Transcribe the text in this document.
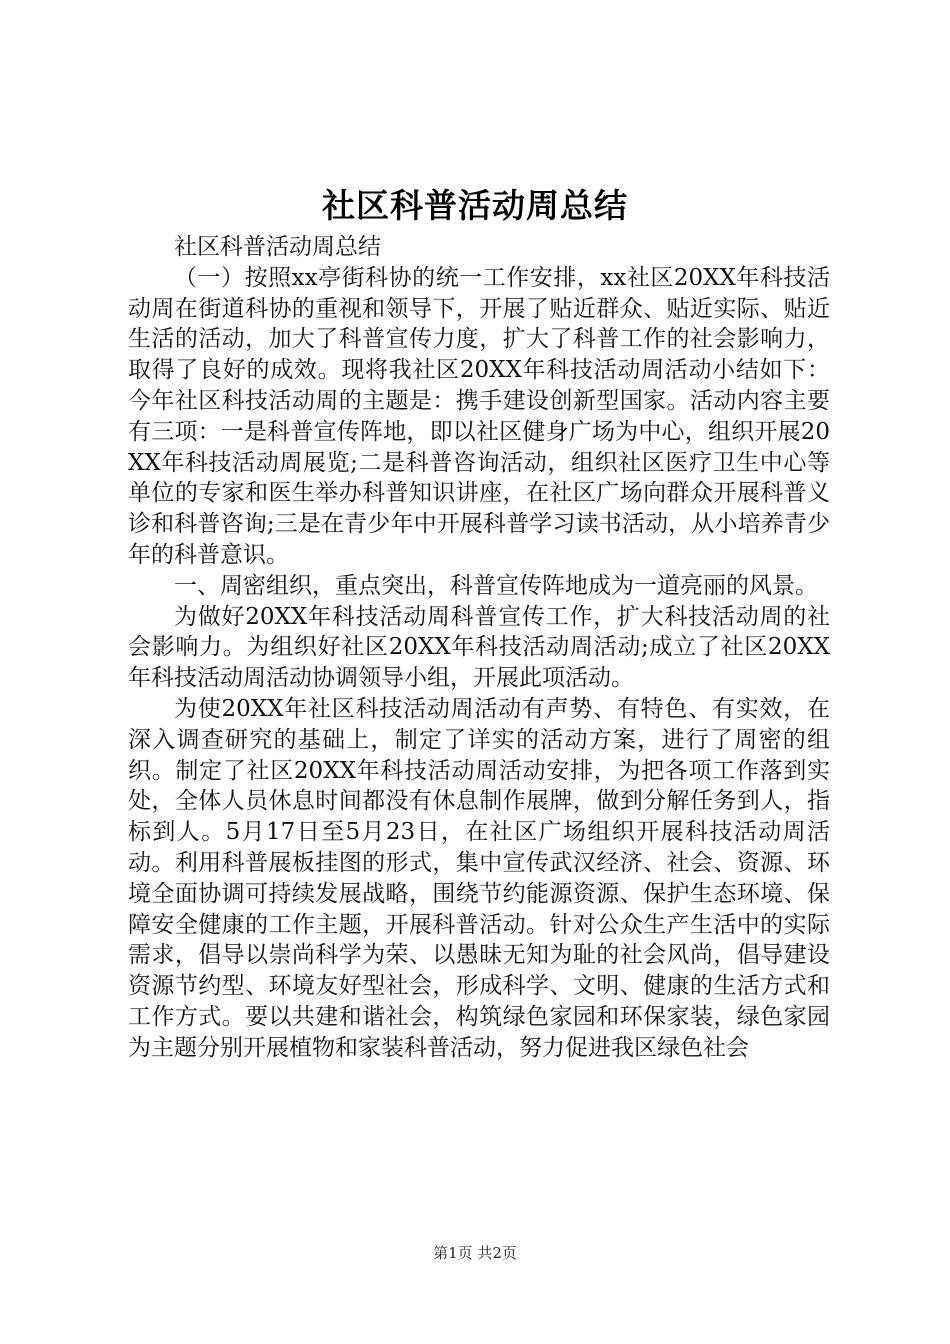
社区科普活动周总结

社区科普活动周总结

（一）按照xx亭街科协的统一工作安排，xx社区20XX年科技活动周在街道科协的重视和领导下，开展了贴近群众、贴近实际、贴近生活的活动，加大了科普宣传力度，扩大了科普工作的社会影响力，取得了良好的成效。现将我社区20XX年科技活动周活动小结如下：今年社区科技活动周的主题是：携手建设创新型国家。活动内容主要有三项：一是科普宣传阵地，即以社区健身广场为中心，组织开展20XX年科技活动周展览;二是科普咨询活动，组织社区医疗卫生中心等单位的专家和医生举办科普知识讲座，在社区广场向群众开展科普义诊和科普咨询;三是在青少年中开展科普学习读书活动，从小培养青少年的科普意识。

一、周密组织，重点突出，科普宣传阵地成为一道亮丽的风景。

为做好20XX年科技活动周科普宣传工作，扩大科技活动周的社会影响力。为组织好社区20XX年科技活动周活动;成立了社区20XX年科技活动周活动协调领导小组，开展此项活动。

为使20XX年社区科技活动周活动有声势、有特色、有实效，在深入调查研究的基础上，制定了详实的活动方案，进行了周密的组织。制定了社区20XX年科技活动周活动安排，为把各项工作落到实处，全体人员休息时间都没有休息制作展牌，做到分解任务到人，指标到人。5月17日至5月23日，在社区广场组织开展科技活动周活动。利用科普展板挂图的形式，集中宣传武汉经济、社会、资源、环境全面协调可持续发展战略，围绕节约能源资源、保护生态环境、保障安全健康的工作主题，开展科普活动。针对公众生产生活中的实际需求，倡导以崇尚科学为荣、以愚昧无知为耻的社会风尚，倡导建设资源节约型、环境友好型社会，形成科学、文明、健康的生活方式和工作方式。要以共建和谐社会，构筑绿色家园和环保家装，绿色家园为主题分别开展植物和家装科普活动，努力促进我区绿色社会

第1页 共2页
